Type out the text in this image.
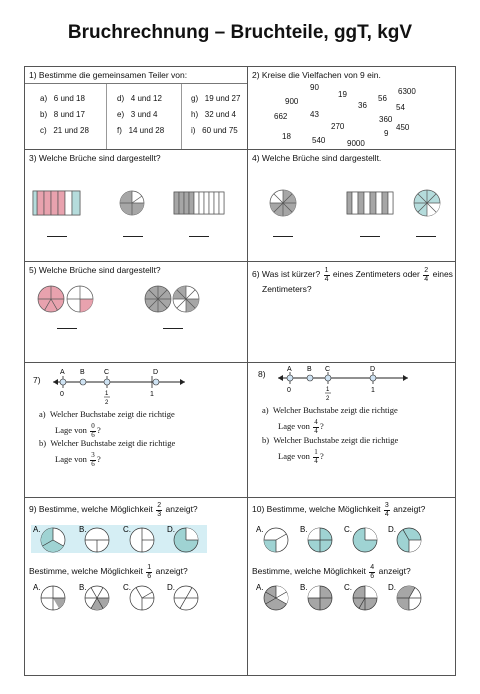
Bruchrechnung – Bruchteile, ggT, kgV
1) Bestimme die gemeinsamen Teiler von:
a) 6 und 18
b) 8 und 17
c) 21 und 28
d) 4 und 12
e) 3 und 4
f) 14 und 28
g) 19 und 27
h) 32 und 4
i) 60 und 75
2) Kreise die Vielfachen von 9 ein.
90
19	56
6300
900	36	54
662	43
360
270	450
18	540
9
9000
3) Welche Brüche sind dargestellt?	4) Welche Brüche sind dargestellt.
5) Welche Brüche sind dargestellt?	6) Was ist kürzer? $\frac{1}{4}$ eines Zentimeters oder $\frac{2}{4}$ eines
Zentimeters?
7)
A B	C	D
0	1
2
1
a) Welcher Buchstabe zeigt die richtige
Lage von $\frac{0}{6}$ ?
b) Welcher Buchstabe zeigt die richtige
Lage von $\frac{3}{6}$ ?
8)	A B C	D
0	1
2
1
a) Welcher Buchstabe zeigt die richtige
Lage von $\frac{4}{4}$ ?
b) Welcher Buchstabe zeigt die richtige
Lage von $\frac{1}{4}$ ?
9) Bestimme, welche Möglichkeit $\frac{2}{3}$ anzeigt?
A.	B.	C.	D.
A.	B.	C.	D.
Bestimme, welche Möglichkeit $\frac{1}{6}$ anzeigt?
10) Bestimme, welche Möglichkeit $\frac{3}{4}$ anzeigt?
A.	B.	C.	D.
A.	B.	C.	D.
Bestimme, welche Möglichkeit $\frac{4}{6}$ anzeigt?
